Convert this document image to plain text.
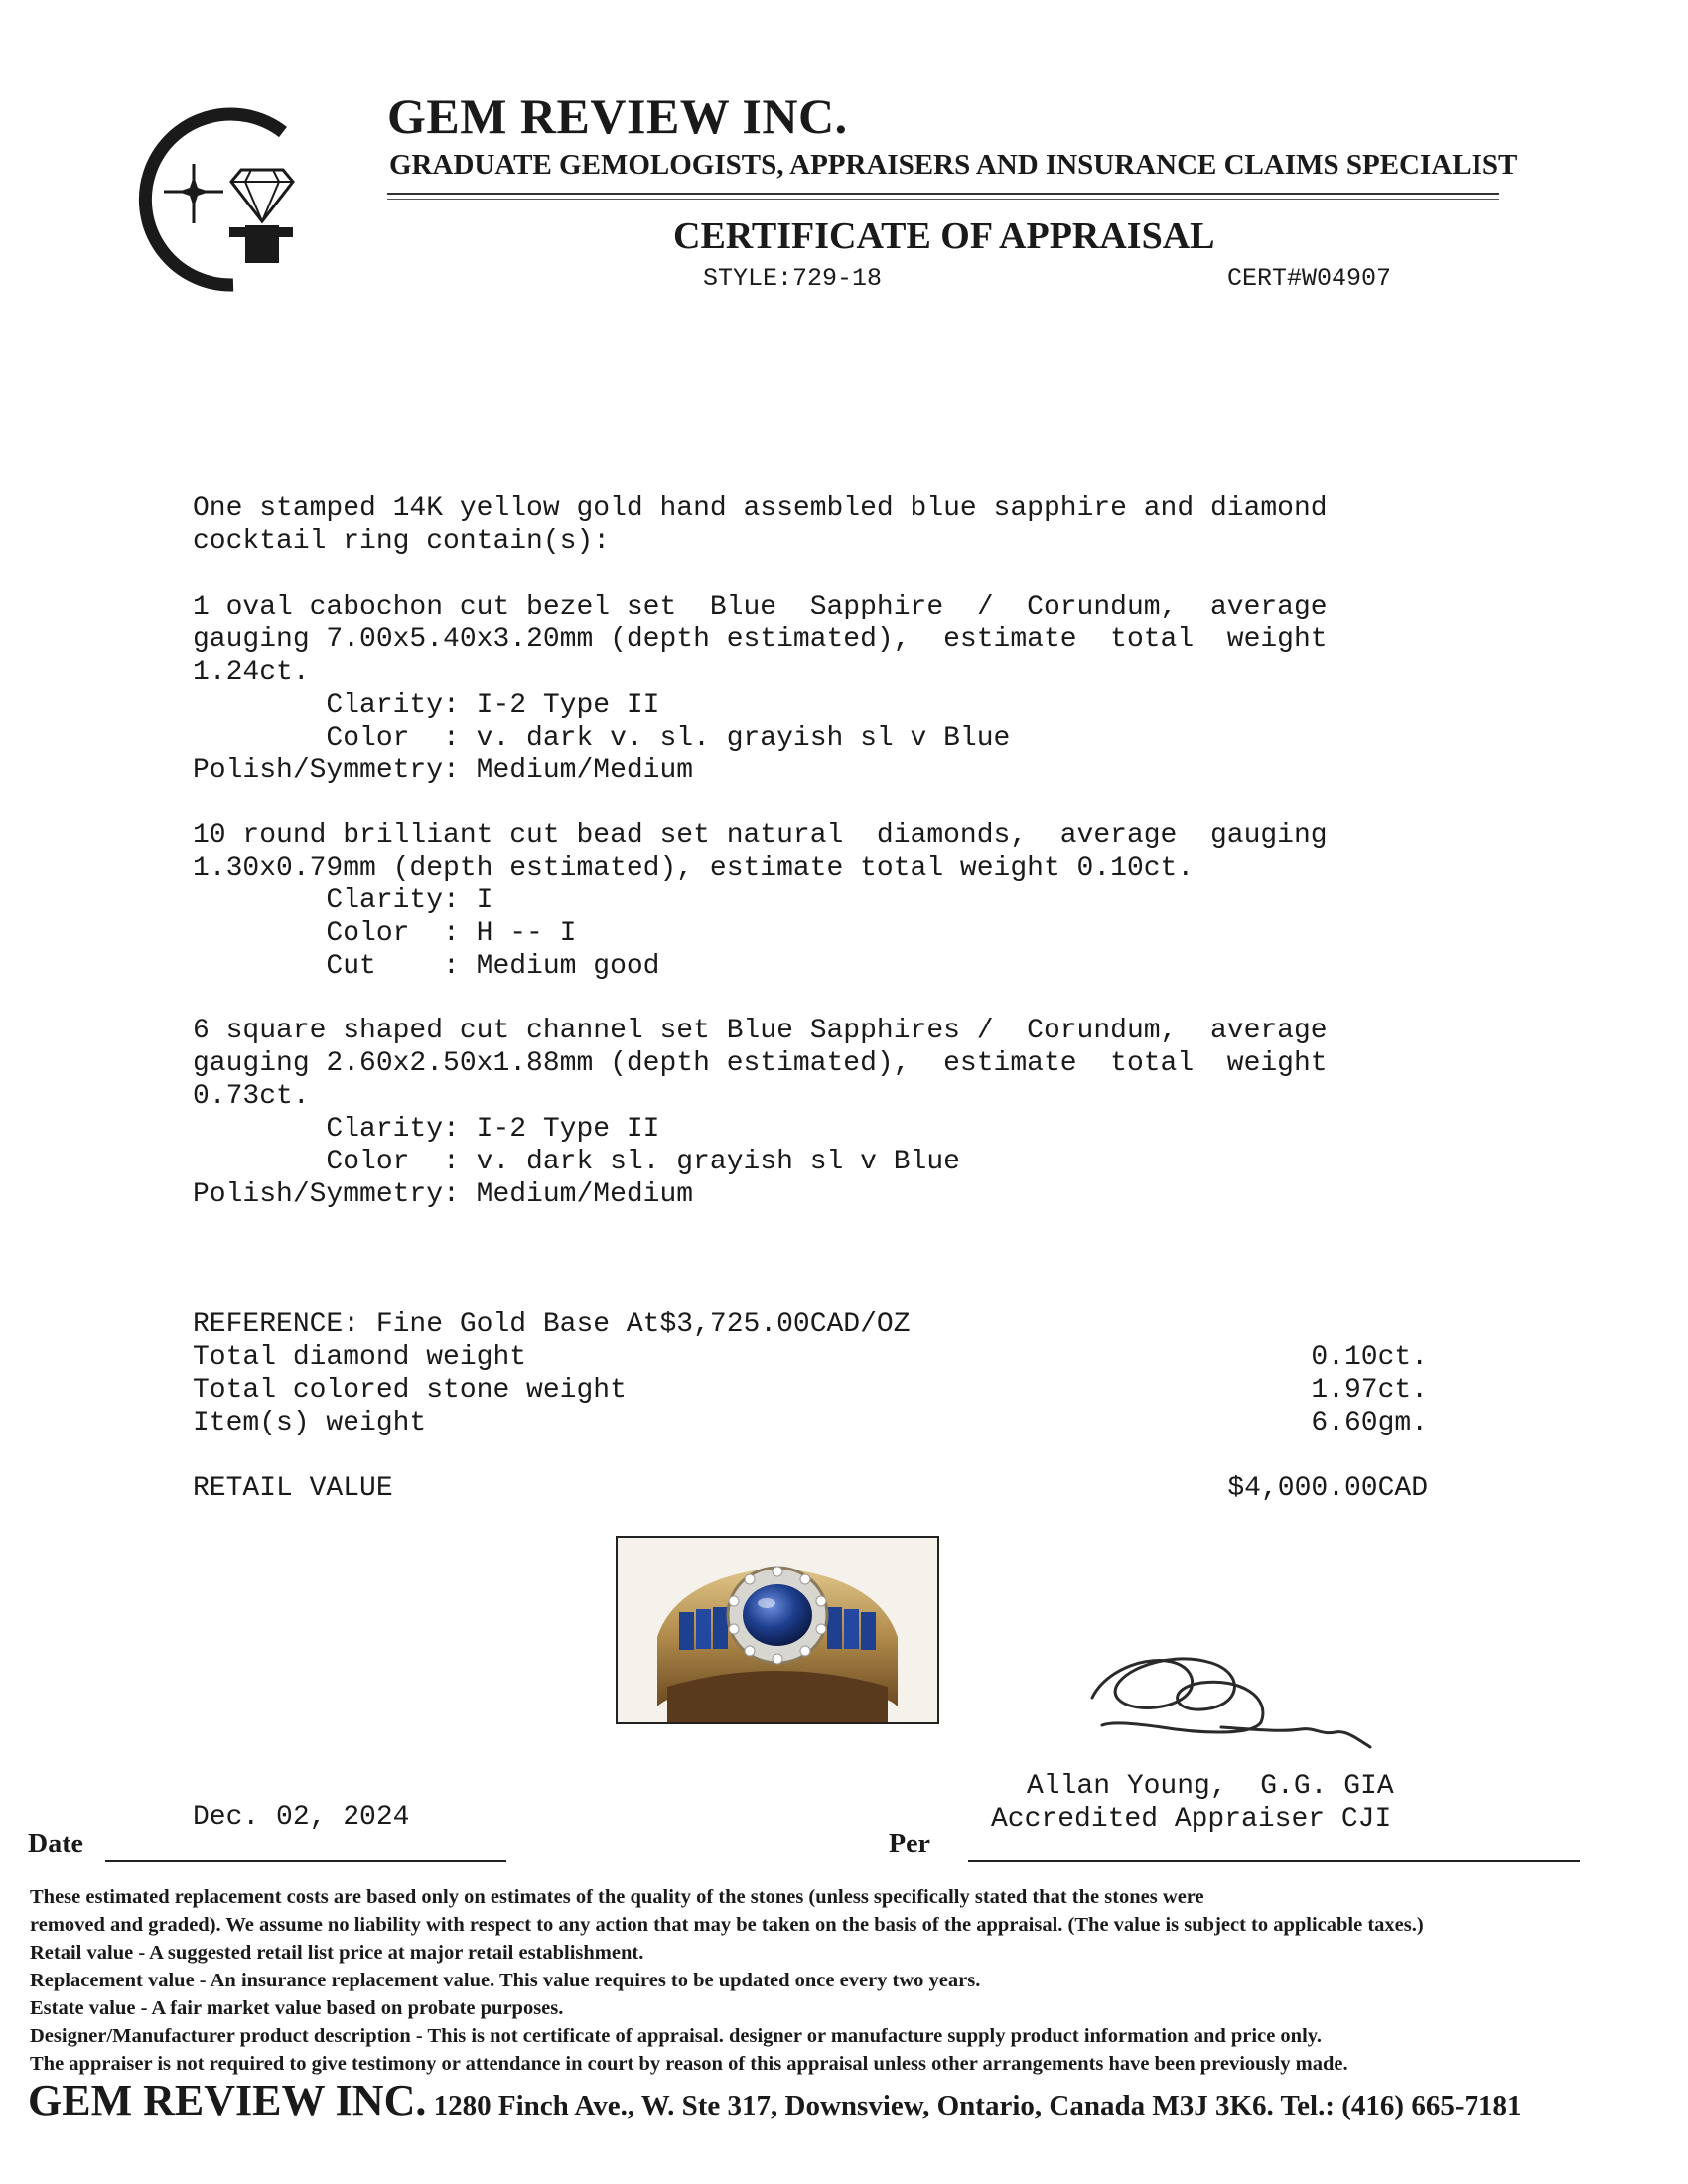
GEM REVIEW INC.
GRADUATE GEMOLOGISTS, APPRAISERS AND INSURANCE CLAIMS SPECIALIST
CERTIFICATE OF APPRAISAL
STYLE:729-18	CERT#W04907
One stamped 14K yellow gold hand assembled blue sapphire and diamond
cocktail ring contain(s):
1 oval cabochon cut bezel set  Blue  Sapphire  /  Corundum,  average
gauging 7.00x5.40x3.20mm (depth estimated),  estimate  total  weight
1.24ct.
Clarity: I-2 Type II
Color  : v. dark v. sl. grayish sl v Blue
Polish/Symmetry: Medium/Medium
10 round brilliant cut bead set natural  diamonds,  average  gauging
1.30x0.79mm (depth estimated), estimate total weight 0.10ct.
Clarity: I
Color  : H -- I
Cut    : Medium good
6 square shaped cut channel set Blue Sapphires /  Corundum,  average
gauging 2.60x2.50x1.88mm (depth estimated),  estimate  total  weight
0.73ct.
Clarity: I-2 Type II
Color  : v. dark sl. grayish sl v Blue
Polish/Symmetry: Medium/Medium
REFERENCE: Fine Gold Base At$3,725.00CAD/OZ
Total diamond weight	0.10ct.
Total colored stone weight	1.97ct.
Item(s) weight	6.60gm.
RETAIL VALUE	$4,000.00CAD
Allan Young,  G.G. GIA
Accredited Appraiser CJI
Dec. 02, 2024
Date	Per
These estimated replacement costs are based only on estimates of the quality of the stones (unless specifically stated that the stones were
removed and graded). We assume no liability with respect to any action that may be taken on the basis of the appraisal. (The value is subject to applicable taxes.)
Retail value - A suggested retail list price at major retail establishment.
Replacement value - An insurance replacement value. This value requires to be updated once every two years.
Estate value - A fair market value based on probate purposes.
Designer/Manufacturer product description - This is not certificate of appraisal. designer or manufacture supply product information and price only.
The appraiser is not required to give testimony or attendance in court by reason of this appraisal unless other arrangements have been previously made.
GEM REVIEW INC. 1280 Finch Ave., W. Ste 317, Downsview, Ontario, Canada M3J 3K6. Tel.: (416) 665-7181
